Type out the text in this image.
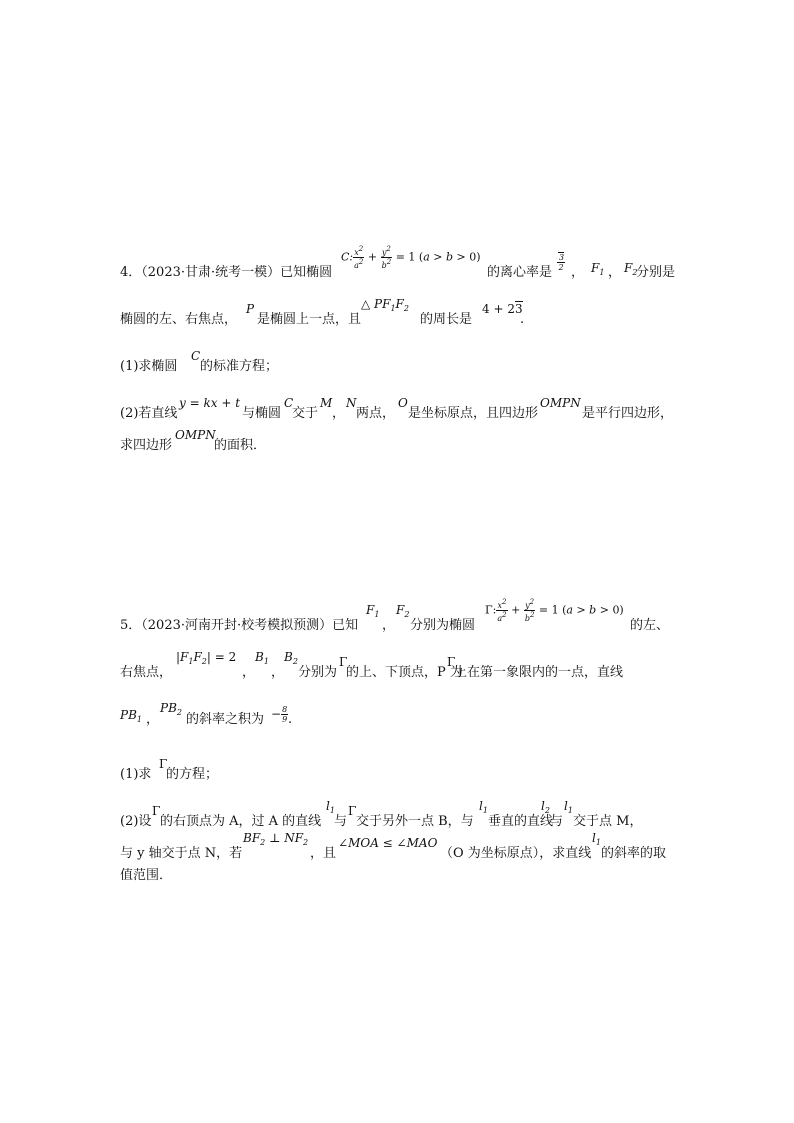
4．（2023·甘肃·统考一模）已知椭圆
C: $\frac{x2}{a2} + \frac{y2}{b2} = 1$ (a > b > 0)
的离心率是
$\frac{3}{2}$
， $F_1$ ， $F_2$
分别是
椭圆的左、右焦点，
P
是椭圆上一点，且
△ $PF_1F_2$
的周长是
4 + 23
.
(1)求椭圆
C
的标准方程；
(2)若直线
y = kx + t
与椭圆
C
交于
M
，
N
两点，
O
是坐标原点，且四边形
OMPN
是平行四边形，
求四边形
OMPN
的面积．
5．（2023·河南开封·校考模拟预测）已知
$F_1$
，
$F_2$
分别为椭圆
Γ: $\frac{x2}{a2} + \frac{y2}{b2} = 1$ (a > b > 0)
的左、
右焦点，
$|F_1F_2| = 2$
，
$B_1$
，
$B_2$
分别为
Γ
的上、下顶点，P 为
Γ
上在第一象限内的一点，直线
$PB_1$ ，
$PB_2$ 的斜率之积为 − $\frac{8}{9}$ .
(1)求
Γ
的方程；
(2)设
Γ
的右顶点为 A，过 A 的直线
$l_1$
与
Γ
交于另外一点 B，与
$l_1$
垂直的直线
$l_2$
与
$l_1$
交于点 M，
与 y 轴交于点 N，若
$BF_2$ ⊥ $NF_2$
，且
∠MOA ≤ ∠MAO
（O 为坐标原点），求直线
$l_1$
的斜率的取
值范围．
